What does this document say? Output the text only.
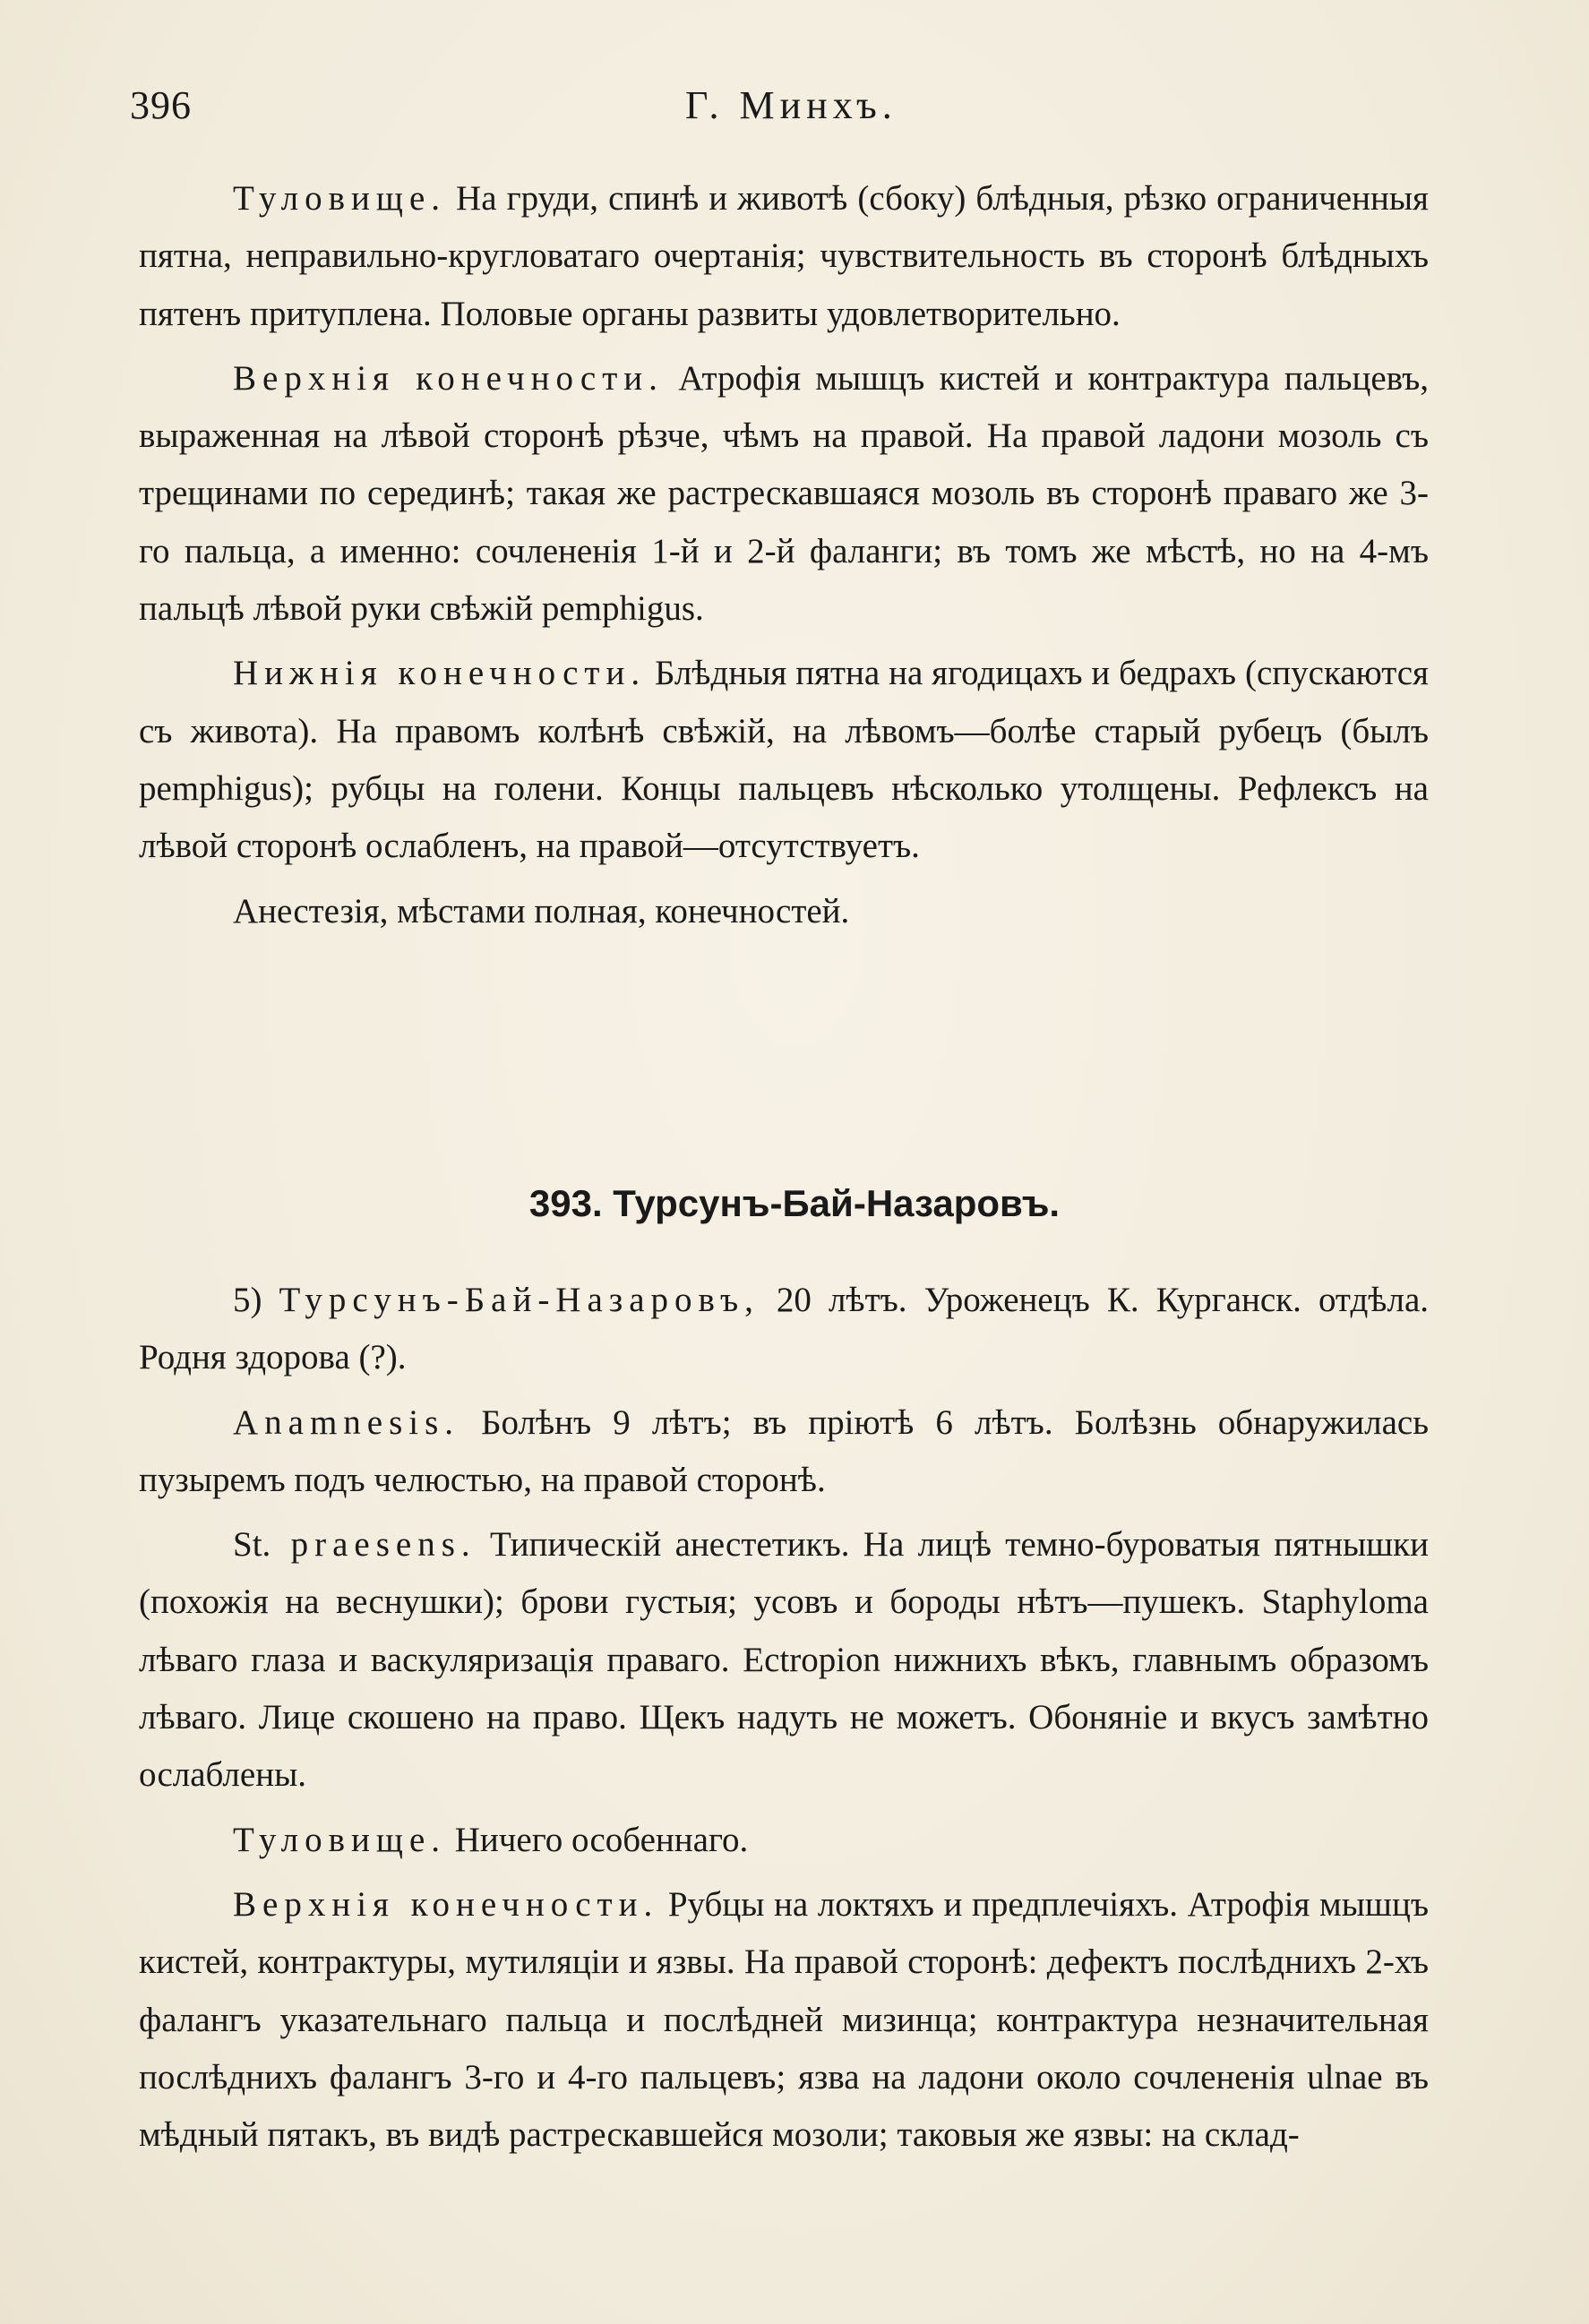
396	Г. Минхъ.

Туловище. На груди, спинѣ и животѣ (сбоку) блѣдныя, рѣзко ограниченныя пятна, неправильно-кругловатаго очертанія; чувствительность въ сторонѣ блѣдныхъ пятенъ притуплена. Половые органы развиты удовлетворительно.

Верхнія конечности. Атрофія мышцъ кистей и контрактура пальцевъ, выраженная на лѣвой сторонѣ рѣзче, чѣмъ на правой. На правой ладони мозоль съ трещинами по серединѣ; такая же растрескавшаяся мозоль въ сторонѣ праваго же 3-го пальца, а именно: сочлененія 1-й и 2-й фаланги; въ томъ же мѣстѣ, но на 4-мъ пальцѣ лѣвой руки свѣжій pemphigus.

Нижнія конечности. Блѣдныя пятна на ягодицахъ и бедрахъ (спускаются съ живота). На правомъ колѣнѣ свѣжій, на лѣвомъ—болѣе старый рубецъ (былъ pemphigus); рубцы на голени. Концы пальцевъ нѣсколько утолщены. Рефлексъ на лѣвой сторонѣ ослабленъ, на правой—отсутствуетъ.

Анестезія, мѣстами полная, конечностей.

393. Турсунъ-Бай-Назаровъ.

5) Турсунъ-Бай-Назаровъ, 20 лѣтъ. Уроженецъ К. Курганск. отдѣла. Родня здорова (?).

Anamnesis. Болѣнъ 9 лѣтъ; въ пріютѣ 6 лѣтъ. Болѣзнь обнаружилась пузыремъ подъ челюстью, на правой сторонѣ.

St. praesens. Типическій анестетикъ. На лицѣ темно-буроватыя пятнышки (похожія на веснушки); брови густыя; усовъ и бороды нѣтъ—пушекъ. Staphyloma лѣваго глаза и васкуляризація праваго. Ectropion нижнихъ вѣкъ, главнымъ образомъ лѣваго. Лице скошено на право. Щекъ надуть не можетъ. Обоняніе и вкусъ замѣтно ослаблены.

Туловище. Ничего особеннаго.

Верхнія конечности. Рубцы на локтяхъ и предплечіяхъ. Атрофія мышцъ кистей, контрактуры, мутиляціи и язвы. На правой сторонѣ: дефектъ послѣднихъ 2-хъ фалангъ указательнаго пальца и послѣдней мизинца; контрактура незначительная послѣднихъ фалангъ 3-го и 4-го пальцевъ; язва на ладони около сочлененія ulnae въ мѣдный пятакъ, въ видѣ растрескавшейся мозоли; таковыя же язвы: на склад-
